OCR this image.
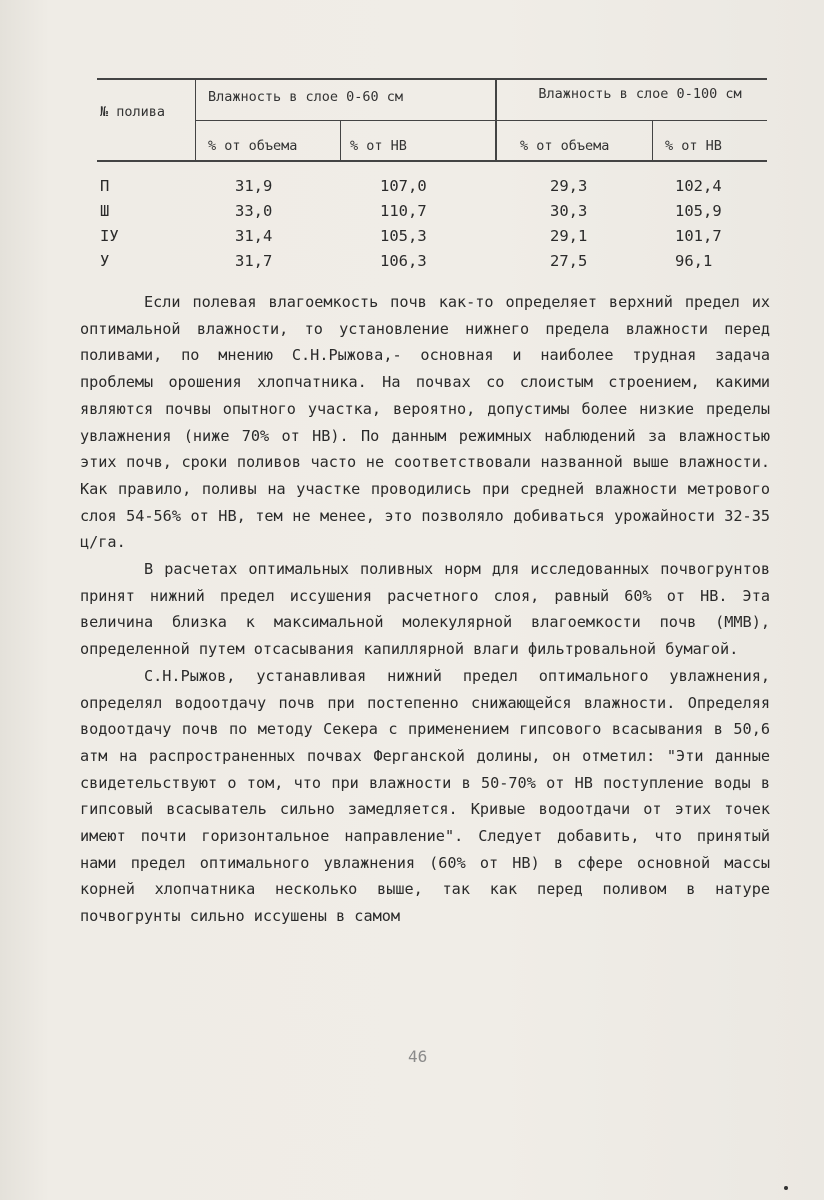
№ полива
Влажность в слое 0-60 см	Влажность в слое 0-100 см
% от объема	% от НВ	% от объема	% от НВ
П	31,9	107,0	29,3	102,4
Ш	33,0	110,7	30,3	105,9
IУ	31,4	105,3	29,1	101,7
У	31,7	106,3	27,5	96,1

Если полевая влагоемкость почв как-то определяет верхний предел их оптимальной влажности, то установление нижнего предела влажности перед поливами, по мнению С.Н.Рыжова,- основная и наиболее трудная задача проблемы орошения хлопчатника. На почвах со слоистым строением, какими являются почвы опытного участка, вероятно, допустимы более низкие пределы увлажнения (ниже 70% от НВ). По данным режимных наблюдений за влажностью этих почв, сроки поливов часто не соответствовали названной выше влажности. Как правило, поливы на участке проводились при средней влажности метрового слоя 54-56% от НВ, тем не менее, это позволяло добиваться урожайности 32-35 ц/га.

В расчетах оптимальных поливных норм для исследованных почвогрунтов принят нижний предел иссушения расчетного слоя, равный 60% от НВ. Эта величина близка к максимальной молекулярной влагоемкости почв (ММВ), определенной путем отсасывания капиллярной влаги фильтровальной бумагой.

С.Н.Рыжов, устанавливая нижний предел оптимального увлажнения, определял водоотдачу почв при постепенно снижающейся влажности. Определяя водоотдачу почв по методу Секера с применением гипсового всасывания в 50,6 атм на распространенных почвах Ферганской долины, он отметил: "Эти данные свидетельствуют о том, что при влажности в 50-70% от НВ поступление воды в гипсовый всасыватель сильно замедляется. Кривые водоотдачи от этих точек имеют почти горизонтальное направление". Следует добавить, что принятый нами предел оптимального увлажнения (60% от НВ) в сфере основной массы корней хлопчатника несколько выше, так как перед поливом в натуре почвогрунты сильно иссушены в самом

46
